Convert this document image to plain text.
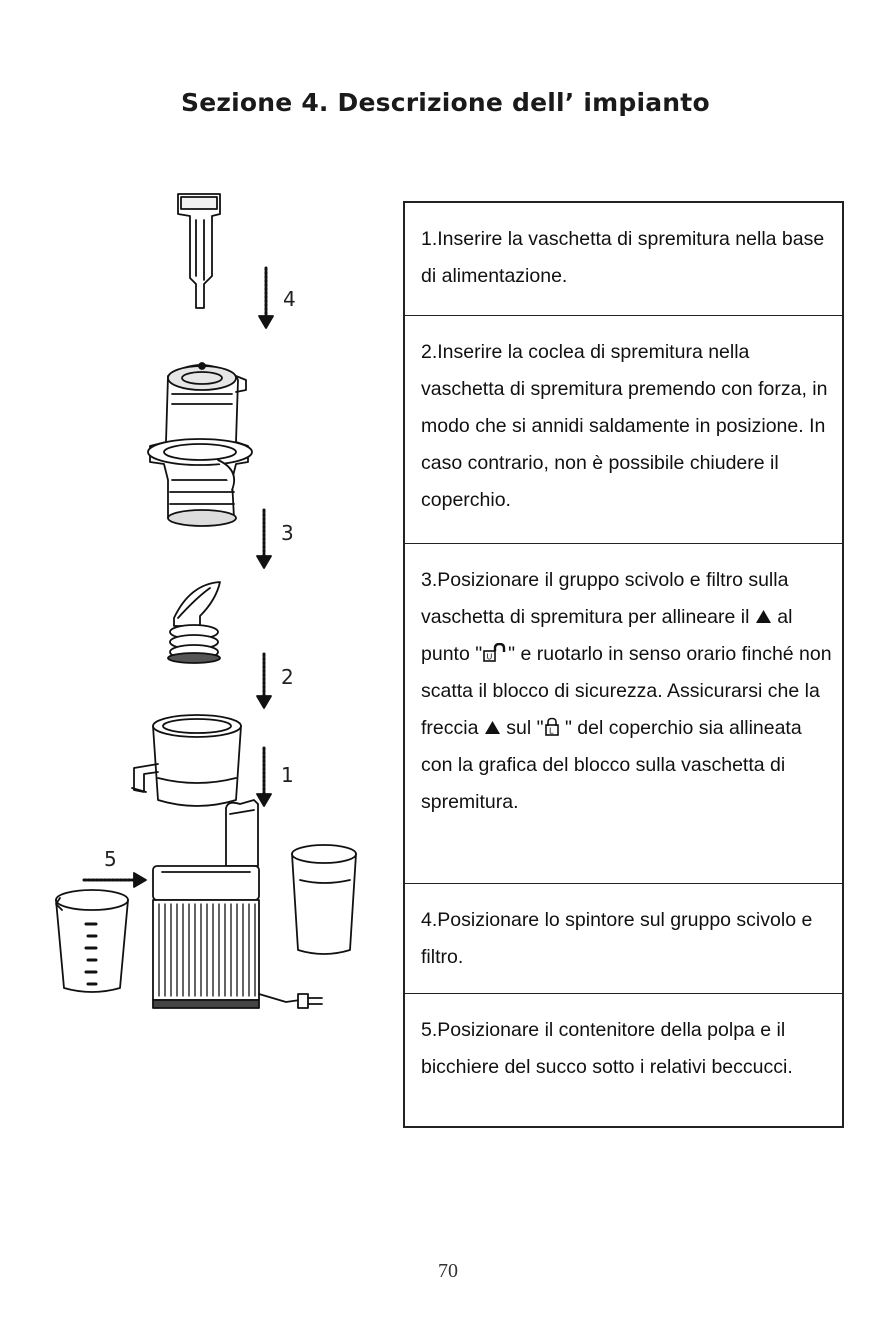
Sezione 4. Descrizione dell’ impianto
4
3
2
1
5

1.Inserire la vaschetta di spremitura nella base di alimentazione.

2.Inserire la coclea di spremitura nella vaschetta di spremitura premendo con forza, in modo che si annidi saldamente in posizione. In caso contrario, non è possibile chiudere il coperchio.

3.Posizionare il gruppo scivolo e filtro sulla vaschetta di spremitura per allineare il  al punto " U " e ruotarlo in senso orario finché non scatta il blocco di sicurezza. Assicurarsi che la freccia  sul " L " del coperchio sia allineata con la grafica del blocco sulla vaschetta di spremitura.

4.Posizionare lo spintore sul gruppo scivolo e filtro.

5.Posizionare il contenitore della polpa e il bicchiere del succo sotto i relativi beccucci.

70
